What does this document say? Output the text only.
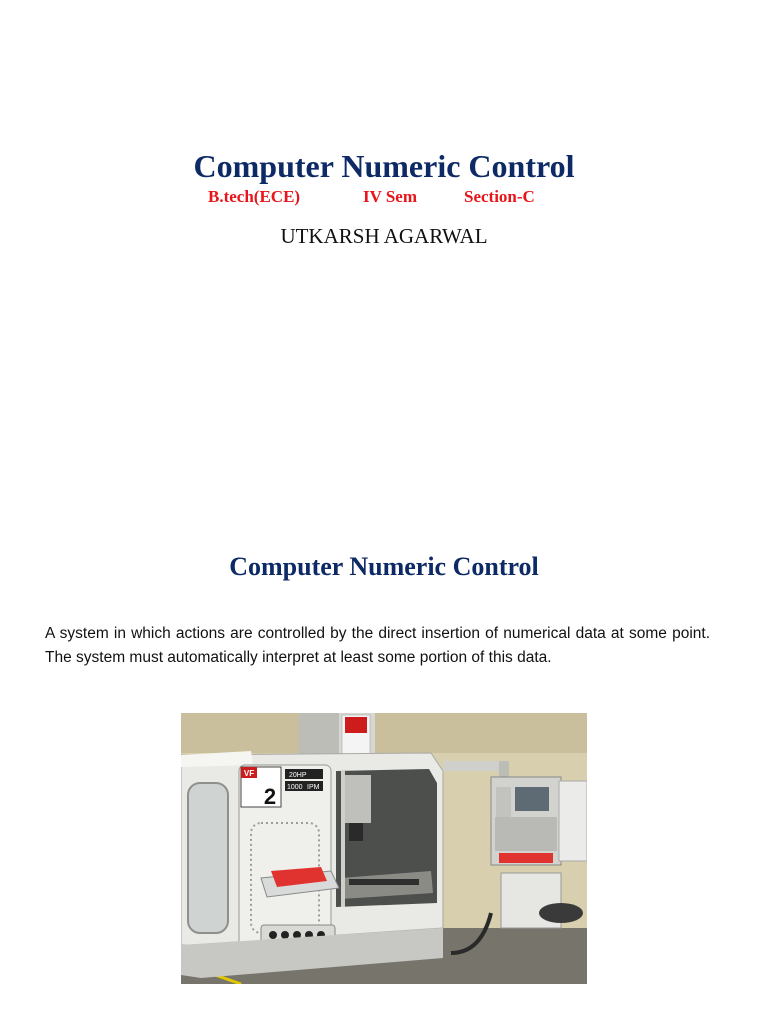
Computer Numeric Control
B.tech(ECE)	IV Sem	Section-C
UTKARSH AGARWAL
Computer Numeric Control

A system in which actions are controlled by the direct insertion of numerical data at some point. The system must automatically interpret at least some portion of this data.

VF
2
20HP
1000 IPM
